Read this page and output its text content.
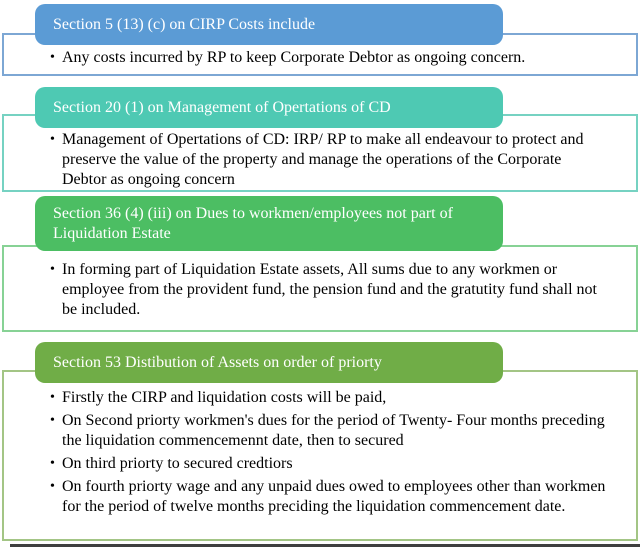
• Any costs incurred by RP to keep Corporate Debtor as ongoing concern.
Section 5 (13) (c) on CIRP Costs include
• Management of Opertations of CD: IRP/ RP to make all endeavour to protect and preserve the value of the property and manage the operations of the Corporate Debtor as ongoing concern
Section 20 (1) on Management of Opertations of CD
• In forming part of Liquidation Estate assets, All sums due to any workmen or employee from the provident fund, the pension fund and the gratutity fund shall not be included.
Section 36 (4) (iii) on Dues to workmen/employees not part of Liquidation Estate
• Firstly the CIRP and liquidation costs will be paid,
• On Second priorty workmen's dues for the period of Twenty- Four months preceding the liquidation commencemennt date, then to secured
• On third priorty to secured credtiors
• On fourth priorty wage and any unpaid dues owed to employees other than workmen for the period of twelve months preciding the liquidation commencement date.
Section 53 Distibution of Assets on order of priorty
